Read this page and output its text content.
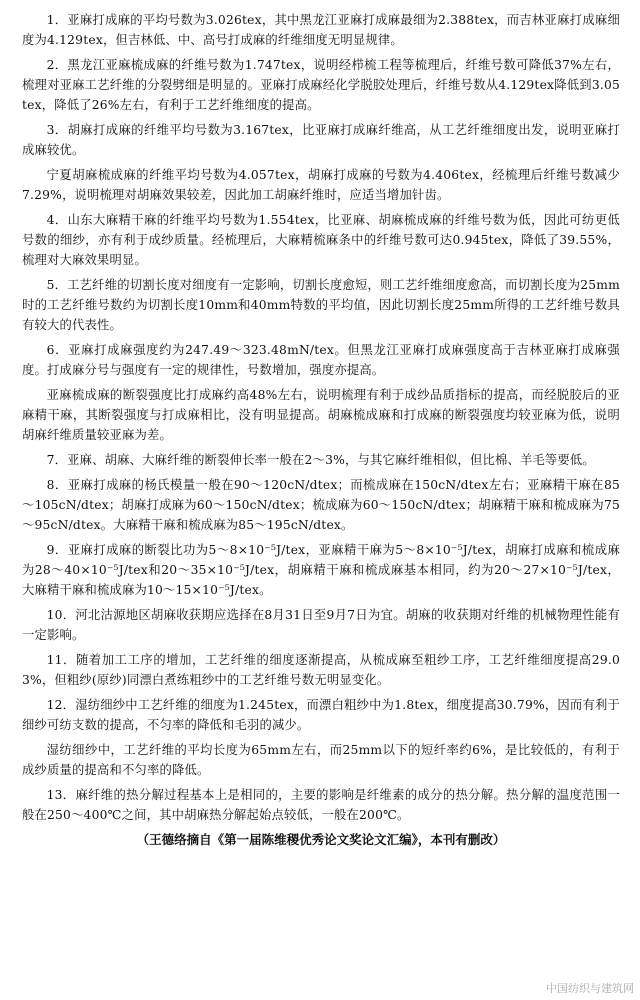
1．亚麻打成麻的平均号数为3.026tex，其中黑龙江亚麻打成麻最细为2.388tex，而吉林亚麻打成麻细度为4.129tex，但吉林低、中、高号打成麻的纤维细度无明显规律。

2．黑龙江亚麻梳成麻的纤维号数为1.747tex，说明经栉梳工程等梳理后，纤维号数可降低37%左右，梳理对亚麻工艺纤维的分裂劈细是明显的。亚麻打成麻经化学脱胶处理后，纤维号数从4.129tex降低到3.05tex，降低了26%左右，有利于工艺纤维细度的提高。

3．胡麻打成麻的纤维平均号数为3.167tex，比亚麻打成麻纤维高，从工艺纤维细度出发，说明亚麻打成麻较优。

宁夏胡麻梳成麻的纤维平均号数为4.057tex，胡麻打成麻的号数为4.406tex，经梳理后纤维号数减少7.29%，说明梳理对胡麻效果较差，因此加工胡麻纤维时，应适当增加针齿。

4．山东大麻精干麻的纤维平均号数为1.554tex，比亚麻、胡麻梳成麻的纤维号数为低，因此可纺更低号数的细纱，亦有利于成纱质量。经梳理后，大麻精梳麻条中的纤维号数可达0.945tex，降低了39.55%，梳理对大麻效果明显。

5．工艺纤维的切割长度对细度有一定影响，切割长度愈短，则工艺纤维细度愈高，而切割长度为25mm时的工艺纤维号数约为切割长度10mm和40mm特数的平均值，因此切割长度25mm所得的工艺纤维号数具有较大的代表性。

6．亚麻打成麻强度约为247.49～323.48mN/tex。但黑龙江亚麻打成麻强度高于吉林亚麻打成麻强度。打成麻分号与强度有一定的规律性，号数增加，强度亦提高。

亚麻梳成麻的断裂强度比打成麻约高48%左右，说明梳理有利于成纱品质指标的提高，而经脱胶后的亚麻精干麻，其断裂强度与打成麻相比，没有明显提高。胡麻梳成麻和打成麻的断裂强度均较亚麻为低，说明胡麻纤维质量较亚麻为差。

7．亚麻、胡麻、大麻纤维的断裂伸长率一般在2～3%，与其它麻纤维相似，但比棉、羊毛等要低。

8．亚麻打成麻的杨氏模量一般在90～120cN/dtex；而梳成麻在150cN/dtex左右；亚麻精干麻在85～105cN/dtex；胡麻打成麻为60～150cN/dtex；梳成麻为60～150cN/dtex；胡麻精干麻和梳成麻为75～95cN/dtex。大麻精干麻和梳成麻为85～195cN/dtex。

9．亚麻打成麻的断裂比功为5～8×10⁻⁵J/tex，亚麻精干麻为5～8×10⁻⁵J/tex，胡麻打成麻和梳成麻为28～40×10⁻⁵J/tex和20～35×10⁻⁵J/tex，胡麻精干麻和梳成麻基本相同，约为20～27×10⁻⁵J/tex，大麻精干麻和梳成麻为10～15×10⁻⁵J/tex。

10．河北沽源地区胡麻收获期应选择在8月31日至9月7日为宜。胡麻的收获期对纤维的机械物理性能有一定影响。

11．随着加工工序的增加，工艺纤维的细度逐渐提高，从梳成麻至粗纱工序，工艺纤维细度提高29.03%，但粗纱(原纱)同漂白煮练粗纱中的工艺纤维号数无明显变化。

12．湿纺细纱中工艺纤维的细度为1.245tex，而漂白粗纱中为1.8tex，细度提高30.79%，因而有利于细纱可纺支数的提高，不匀率的降低和毛羽的减少。

湿纺细纱中，工艺纤维的平均长度为65mm左右，而25mm以下的短纤率约6%，是比较低的，有利于成纱质量的提高和不匀率的降低。

13．麻纤维的热分解过程基本上是相同的，主要的影响是纤维素的成分的热分解。热分解的温度范围一般在250～400℃之间，其中胡麻热分解起始点较低，一般在200℃。

（王德络摘自《第一届陈维稷优秀论文奖论文汇编》，本刊有删改）

中国纺织与建筑网
